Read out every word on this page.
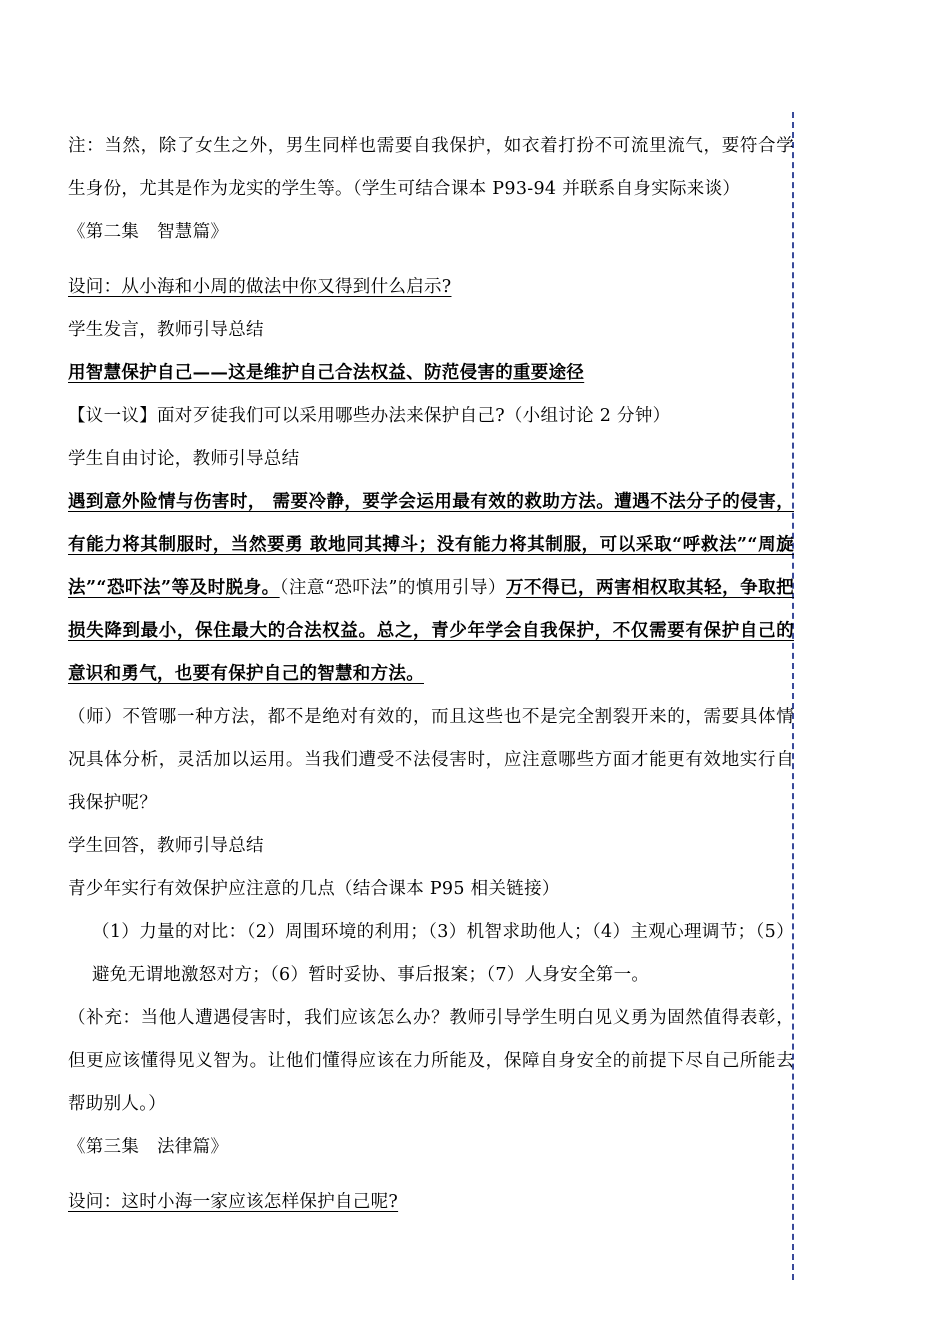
注：当然，除了女生之外，男生同样也需要自我保护，如衣着打扮不可流里流气，要符合学生身份，尤其是作为龙实的学生等。（学生可结合课本 P93-94 并联系自身实际来谈）

《第二集　智慧篇》

设问：从小海和小周的做法中你又得到什么启示?

学生发言，教师引导总结

用智慧保护自己——这是维护自己合法权益、防范侵害的重要途径

【议一议】面对歹徒我们可以采用哪些办法来保护自己?（小组讨论 2 分钟）

学生自由讨论，教师引导总结

遇到意外险情与伤害时， 需要冷静，要学会运用最有效的救助方法。遭遇不法分子的侵害，有能力将其制服时，当然要勇 敢地同其搏斗；没有能力将其制服，可以采取“呼救法”“周旋法”“恐吓法”等及时脱身。（注意“恐吓法”的慎用引导）万不得已，两害相权取其轻，争取把损失降到最小，保住最大的合法权益。总之，青少年学会自我保护，不仅需要有保护自己的意识和勇气，也要有保护自己的智慧和方法。

（师）不管哪一种方法，都不是绝对有效的，而且这些也不是完全割裂开来的，需要具体情况具体分析，灵活加以运用。当我们遭受不法侵害时，应注意哪些方面才能更有效地实行自我保护呢？

学生回答，教师引导总结

青少年实行有效保护应注意的几点（结合课本 P95 相关链接）

（1）力量的对比：（2）周围环境的利用；（3）机智求助他人；（4）主观心理调节；（5）避免无谓地激怒对方；（6）暂时妥协、事后报案；（7）人身安全第一。

（补充：当他人遭遇侵害时，我们应该怎么办？教师引导学生明白见义勇为固然值得表彰，但更应该懂得见义智为。让他们懂得应该在力所能及，保障自身安全的前提下尽自己所能去帮助别人。）

《第三集　法律篇》

设问：这时小海一家应该怎样保护自己呢?
